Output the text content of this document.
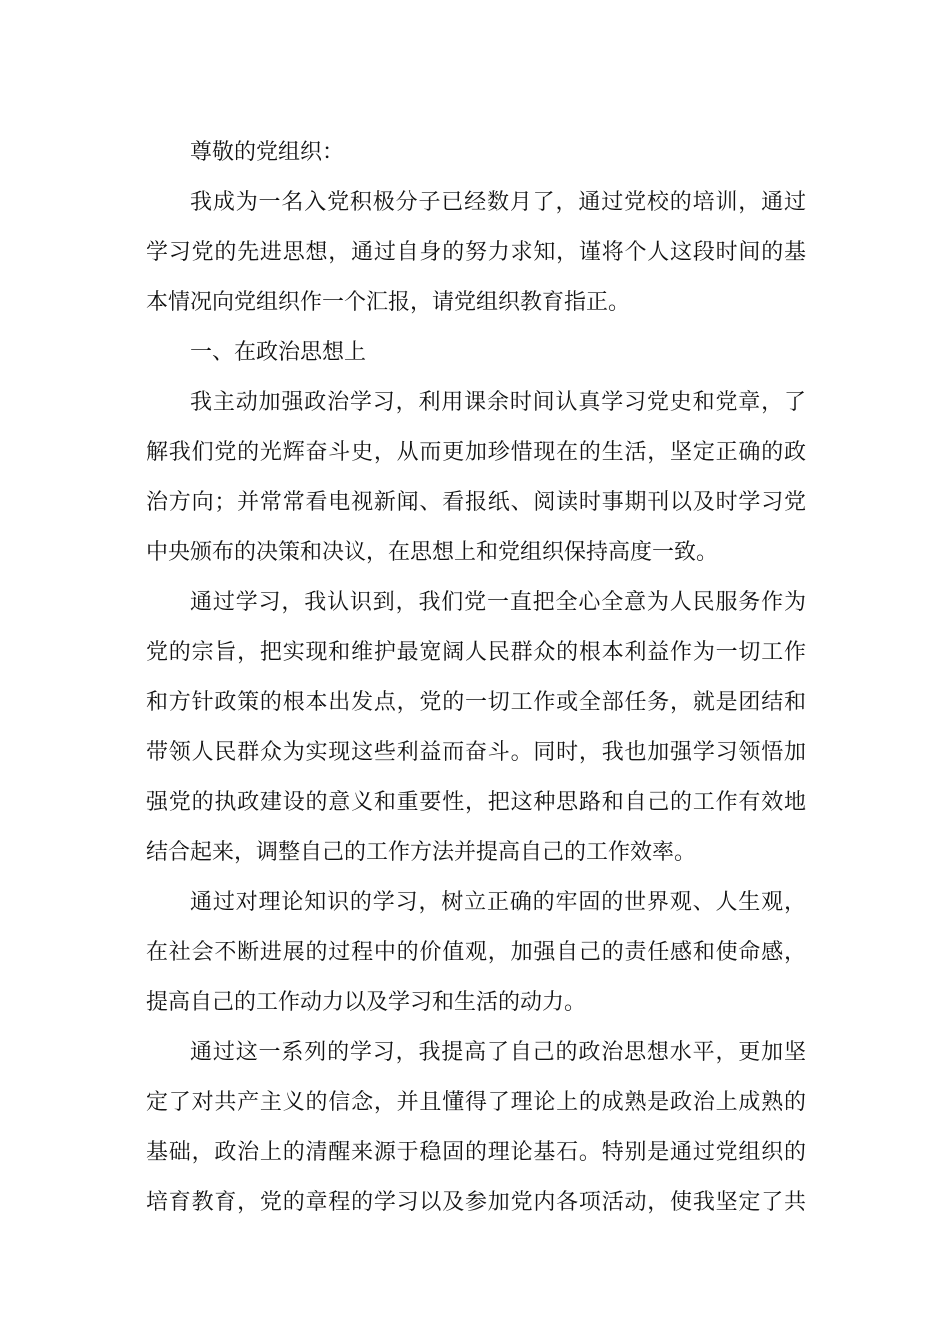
尊敬的党组织：
我成为一名入党积极分子已经数月了，通过党校的培训，通过
学习党的先进思想，通过自身的努力求知，谨将个人这段时间的基
本情况向党组织作一个汇报，请党组织教育指正。
一、在政治思想上
我主动加强政治学习，利用课余时间认真学习党史和党章，了
解我们党的光辉奋斗史，从而更加珍惜现在的生活，坚定正确的政
治方向；并常常看电视新闻、看报纸、阅读时事期刊以及时学习党
中央颁布的决策和决议，在思想上和党组织保持高度一致。
通过学习，我认识到，我们党一直把全心全意为人民服务作为
党的宗旨，把实现和维护最宽阔人民群众的根本利益作为一切工作
和方针政策的根本出发点，党的一切工作或全部任务，就是团结和
带领人民群众为实现这些利益而奋斗。同时，我也加强学习领悟加
强党的执政建设的意义和重要性，把这种思路和自己的工作有效地
结合起来，调整自己的工作方法并提高自己的工作效率。
通过对理论知识的学习，树立正确的牢固的世界观、人生观，
在社会不断进展的过程中的价值观，加强自己的责任感和使命感，
提高自己的工作动力以及学习和生活的动力。
通过这一系列的学习，我提高了自己的政治思想水平，更加坚
定了对共产主义的信念，并且懂得了理论上的成熟是政治上成熟的
基础，政治上的清醒来源于稳固的理论基石。特别是通过党组织的
培育教育，党的章程的学习以及参加党内各项活动，使我坚定了共
